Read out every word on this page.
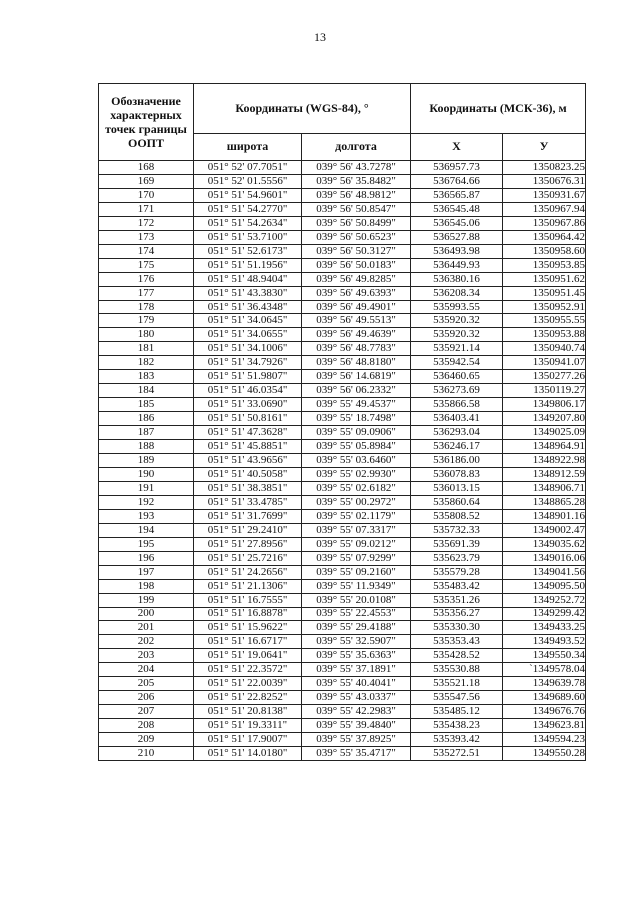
13
Обозначение характерных точек границы ООПТ	Координаты (WGS-84), °		Координаты (МСК-36), м	
	широта	долгота	X	У
168	051° 52' 07.7051"	039° 56' 43.7278"	536957.73	1350823.25
169	051° 52' 01.5556"	039° 56' 35.8482"	536764.66	1350676.31
170	051° 51' 54.9601"	039° 56' 48.9812"	536565.87	1350931.67
171	051° 51' 54.2770"	039° 56' 50.8547"	536545.48	1350967.94
172	051° 51' 54.2634"	039° 56' 50.8499"	536545.06	1350967.86
173	051° 51' 53.7100"	039° 56' 50.6523"	536527.88	1350964.42
174	051° 51' 52.6173"	039° 56' 50.3127"	536493.98	1350958.60
175	051° 51' 51.1956"	039° 56' 50.0183"	536449.93	1350953.85
176	051° 51' 48.9404"	039° 56' 49.8285"	536380.16	1350951.62
177	051° 51' 43.3830"	039° 56' 49.6393"	536208.34	1350951.45
178	051° 51' 36.4348"	039° 56' 49.4901"	535993.55	1350952.91
179	051° 51' 34.0645"	039° 56' 49.5513"	535920.32	1350955.55
180	051° 51' 34.0655"	039° 56' 49.4639"	535920.32	1350953.88
181	051° 51' 34.1006"	039° 56' 48.7783"	535921.14	1350940.74
182	051° 51' 34.7926"	039° 56' 48.8180"	535942.54	1350941.07
183	051° 51' 51.9807"	039° 56' 14.6819"	536460.65	1350277.26
184	051° 51' 46.0354"	039° 56' 06.2332"	536273.69	1350119.27
185	051° 51' 33.0690"	039° 55' 49.4537"	535866.58	1349806.17
186	051° 51' 50.8161"	039° 55' 18.7498"	536403.41	1349207.80
187	051° 51' 47.3628"	039° 55' 09.0906"	536293.04	1349025.09
188	051° 51' 45.8851"	039° 55' 05.8984"	536246.17	1348964.91
189	051° 51' 43.9656"	039° 55' 03.6460"	536186.00	1348922.98
190	051° 51' 40.5058"	039° 55' 02.9930"	536078.83	1348912.59
191	051° 51' 38.3851"	039° 55' 02.6182"	536013.15	1348906.71
192	051° 51' 33.4785"	039° 55' 00.2972"	535860.64	1348865.28
193	051° 51' 31.7699"	039° 55' 02.1179"	535808.52	1348901.16
194	051° 51' 29.2410"	039° 55' 07.3317"	535732.33	1349002.47
195	051° 51' 27.8956"	039° 55' 09.0212"	535691.39	1349035.62
196	051° 51' 25.7216"	039° 55' 07.9299"	535623.79	1349016.06
197	051° 51' 24.2656"	039° 55' 09.2160"	535579.28	1349041.56
198	051° 51' 21.1306"	039° 55' 11.9349"	535483.42	1349095.50
199	051° 51' 16.7555"	039° 55' 20.0108"	535351.26	1349252.72
200	051° 51' 16.8878"	039° 55' 22.4553"	535356.27	1349299.42
201	051° 51' 15.9622"	039° 55' 29.4188"	535330.30	1349433.25
202	051° 51' 16.6717"	039° 55' 32.5907"	535353.43	1349493.52
203	051° 51' 19.0641"	039° 55' 35.6363"	535428.52	1349550.34
204	051° 51' 22.3572"	039° 55' 37.1891"	535530.88	`1349578.04
205	051° 51' 22.0039"	039° 55' 40.4041"	535521.18	1349639.78
206	051° 51' 22.8252"	039° 55' 43.0337"	535547.56	1349689.60
207	051° 51' 20.8138"	039° 55' 42.2983"	535485.12	1349676.76
208	051° 51' 19.3311"	039° 55' 39.4840"	535438.23	1349623.81
209	051° 51' 17.9007"	039° 55' 37.8925"	535393.42	1349594.23
210	051° 51' 14.0180"	039° 55' 35.4717"	535272.51	1349550.28
